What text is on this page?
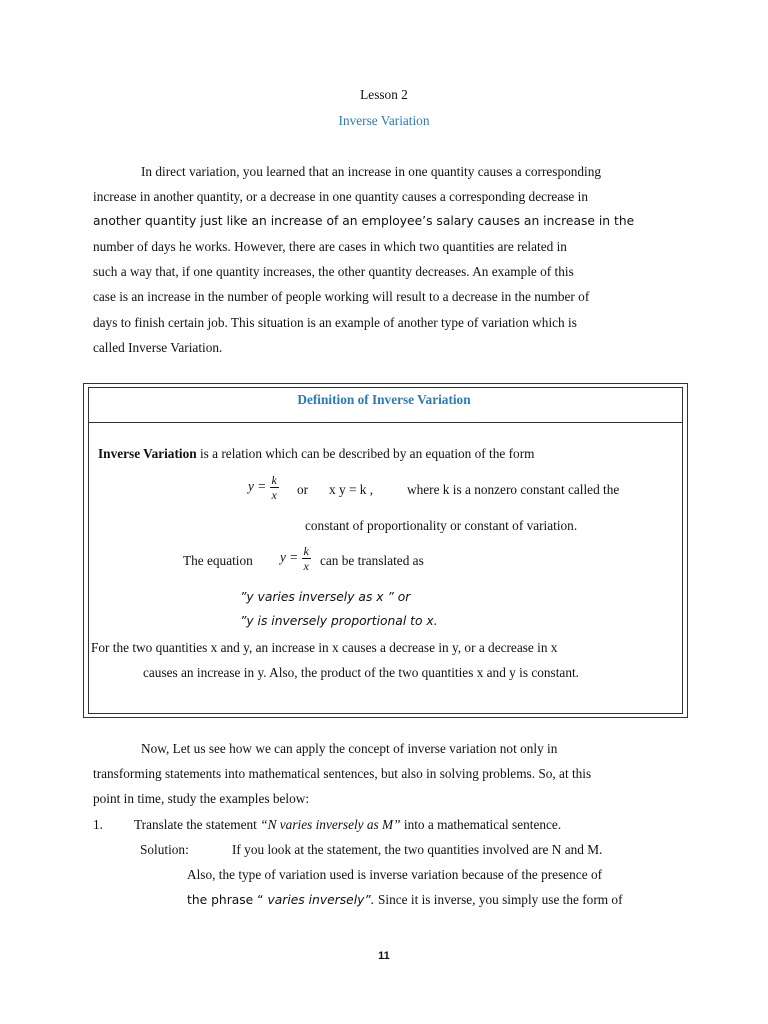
Lesson 2
Inverse Variation
In direct variation, you learned that an increase in one quantity causes a corresponding
increase in another quantity, or a decrease in one quantity causes a corresponding decrease in
another quantity just like an increase of an employee’s salary causes an increase in the
number of days he works. However, there are cases in which two quantities are related in
such a way that, if one quantity increases, the other quantity decreases. An example of this
case is an increase in the number of people working will result to a decrease in the number of
days to finish certain job. This situation is an example of another type of variation which is
called Inverse Variation.
Definition of Inverse Variation
Inverse Variation is a relation which can be described by an equation of the form
$y = \frac{k}{x}$ or x y = k ,	where k is a nonzero constant called the
constant of proportionality or constant of variation.
The equation $y = \frac{k}{x}$ can be translated as
”y varies inversely as x ” or
”y is inversely proportional to x.
For the two quantities x and y, an increase in x causes a decrease in y, or a decrease in x
causes an increase in y. Also, the product of the two quantities x and y is constant.
Now, Let us see how we can apply the concept of inverse variation not only in
transforming statements into mathematical sentences, but also in solving problems. So, at this
point in time, study the examples below:
1. Translate the statement “N varies inversely as M” into a mathematical sentence.
Solution:	If you look at the statement, the two quantities involved are N and M.
Also, the type of variation used is inverse variation because of the presence of
the phrase “ varies inversely”. Since it is inverse, you simply use the form of
11
